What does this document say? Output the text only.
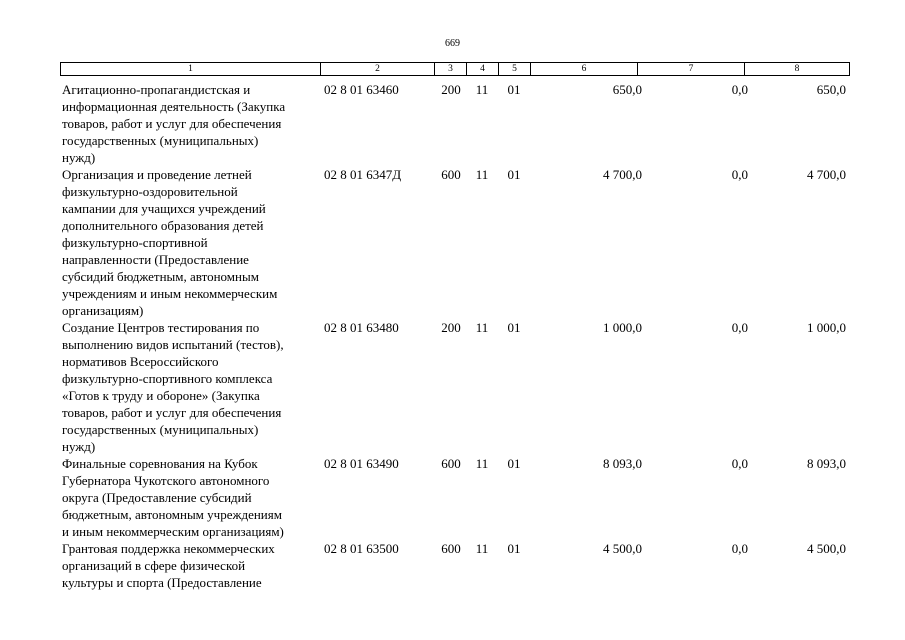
669
1	2	3	4	5	6	7	8
Агитационно-пропагандистская и
информационная деятельность (Закупка
товаров, работ и услуг для обеспечения
государственных (муниципальных)
нужд)
02 8 01 63460	200	11	01	650,0	0,0	650,0
Организация и проведение летней
физкультурно-оздоровительной
кампании для учащихся учреждений
дополнительного образования детей
физкультурно-спортивной
направленности (Предоставление
субсидий бюджетным, автономным
учреждениям и иным некоммерческим
организациям)
02 8 01 6347Д	600	11	01	4 700,0	0,0	4 700,0
Создание Центров тестирования по
выполнению видов испытаний (тестов),
нормативов Всероссийского
физкультурно-спортивного комплекса
«Готов к труду и обороне» (Закупка
товаров, работ и услуг для обеспечения
государственных (муниципальных)
нужд)
02 8 01 63480	200	11	01	1 000,0	0,0	1 000,0
Финальные соревнования на Кубок
Губернатора Чукотского автономного
округа (Предоставление субсидий
бюджетным, автономным учреждениям
и иным некоммерческим организациям)
02 8 01 63490	600	11	01	8 093,0	0,0	8 093,0
Грантовая поддержка некоммерческих
организаций в сфере физической
культуры и спорта (Предоставление
02 8 01 63500	600	11	01	4 500,0	0,0	4 500,0
